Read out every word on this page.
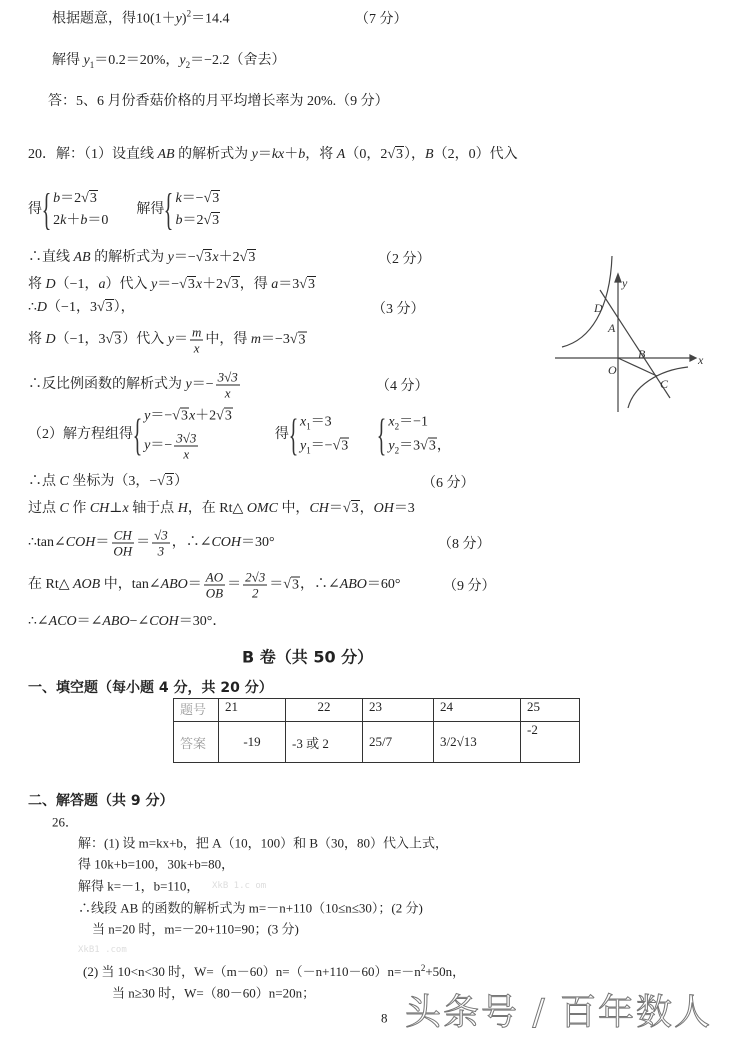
根据题意，得$10(1+y)^2=14.4$	（7 分）
解得 $y_1=0.2=20\%$，$y_2=-2.2$（舍去）
答：5、6 月份香菇价格的月平均增长率为 20%.（9 分）
20．解：（1）设直线 AB 的解析式为 y＝kx＋b，将 A（0，2√3），B（2，0）代入
得 { b＝2√3
2k＋b＝0
　　解得 { k＝−√3
b＝2√3
∴直线 AB 的解析式为 y＝−√3x＋2√3	（2 分）
将 D（−1，a）代入 y＝−√3x＋2√3，得 a＝3√3
∴D（−1，3√3），	（3 分）
将 D（−1，3√3）代入 $y= \frac{m}{x}$ 中，得 m＝−3√3
∴反比例函数的解析式为 $y=- \frac{3√3}{x}$	（4 分）
（2）解方程组得 { y＝−√3x＋2√3
$y=- \frac{3√3}{x}$ 　　　得 { $x_1=3$
$y_1=-√3$
　　 { $x_2=-1$
$y_2=3√3$，
∴点 C 坐标为（3，−√3）	（6 分）
过点 C 作 CH⊥x 轴于点 H，在 Rt△ OMC 中，CH＝√3，OH＝3
∴tan∠COH＝ $\frac{CH}{OH} = \frac{√3}{3}$ ，∴∠COH＝30°	（8 分）
在 Rt△ AOB 中，tan∠ABO＝ $\frac{AO}{OB} = \frac{2√3}{2} =√3$，∴∠ABO＝60°	（9 分）
∴∠ACO＝∠ABO−∠COH＝30°．
y
x
D
A
B
O
C
B 卷（共 50 分）
一、填空题（每小题 4 分，共 20 分）
题号	21	22	23	24	25
答案	-19	-3 或 2	25/7	3/2√13	-2
二、解答题（共 9 分）
26．
解：(1) 设 m=kx+b，把 A（10，100）和 B（30，80）代入上式，
得 10k+b=100，30k+b=80，
解得 k=－1，b=110， XkB 1.c om
∴线段 AB 的函数的解析式为 m=－n+110（10≤n≤30）；(2 分)
当 n=20 时，m=－20+110=90；(3 分)
XkB1 .com
(2) 当 10<n<30 时，$W=(m-60)n=(-n+110-60)n=-n^2+50n$，
当 n≥30 时，W=（80－60）n=20n；
8 头条号 / 百年数人
